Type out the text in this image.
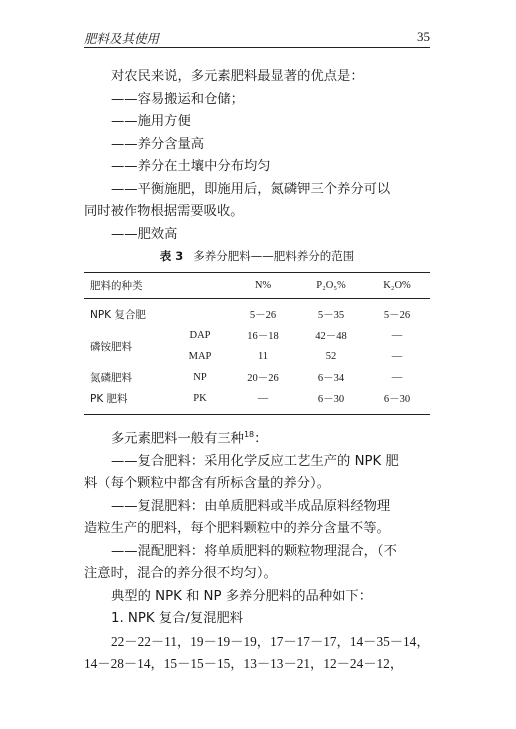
肥料及其使用	35

对农民来说，多元素肥料最显著的优点是：

——容易搬运和仓储；

——施用方便

——养分含量高

——养分在土壤中分布均匀

——平衡施肥，即施用后，氮磷钾三个养分可以

同时被作物根据需要吸收。

——肥效高

表 3 多养分肥料——肥料养分的范围
肥料的种类		N%	P₂O₅%	K₂O%
NPK 复合肥		5－26	5－35	5－26
磷铵肥料	DAP	16－18	42－48	—
	MAP	11	52	—
氮磷肥料	NP	20－26	6－34	—
PK 肥料	PK	—	6－30	6－30

多元素肥料一般有三种$^{18}$：

——复合肥料：采用化学反应工艺生产的 NPK 肥

料（每个颗粒中都含有所标含量的养分）。

——复混肥料：由单质肥料或半成品原料经物理

造粒生产的肥料，每个肥料颗粒中的养分含量不等。

——混配肥料：将单质肥料的颗粒物理混合，（不

注意时，混合的养分很不均匀）。

典型的 NPK 和 NP 多养分肥料的品种如下：

1. NPK 复合/复混肥料

22－22－11，19－19－19，17－17－17，14－35－14，

14－28－14，15－15－15，13－13－21，12－24－12，
